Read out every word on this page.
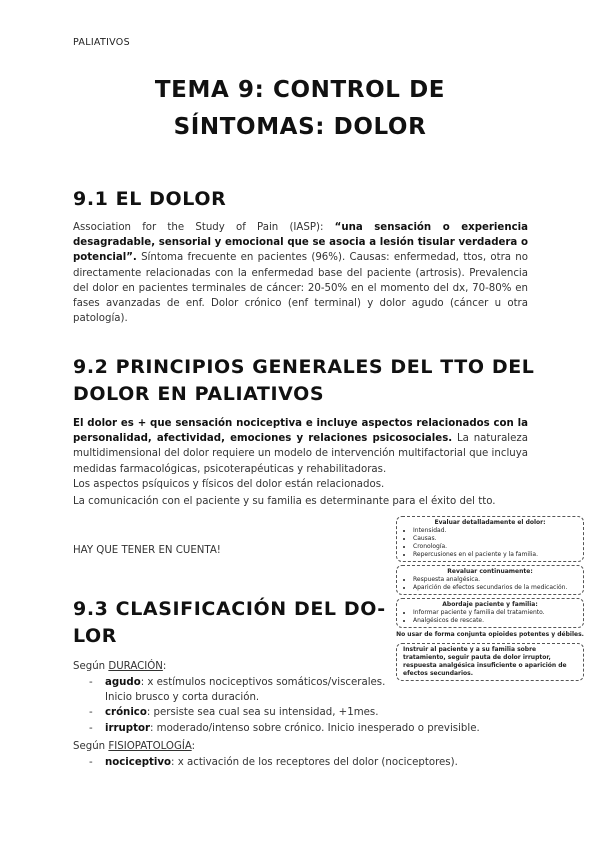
PALIATIVOS
TEMA 9: CONTROL DE
SÍNTOMAS: DOLOR
9.1 EL DOLOR

Association for the Study of Pain (IASP): “una sensación o experiencia desagradable, sensorial y emocional que se asocia a lesión tisular verdadera o potencial”. Síntoma frecuente en pacientes (96%). Causas: enfermedad, ttos, otra no directamente relacionadas con la enfermedad base del paciente (artrosis). Prevalencia del dolor en pacientes terminales de cáncer: 20-50% en el momento del dx, 70-80% en fases avanzadas de enf. Dolor crónico (enf terminal) y dolor agudo (cáncer u otra patología).

9.2 PRINCIPIOS GENERALES DEL TTO DEL
DOLOR EN PALIATIVOS

El dolor es + que sensación nociceptiva e incluye aspectos relacionados con la personalidad, afectividad, emociones y relaciones psicosociales. La naturaleza multidimensional del dolor requiere un modelo de intervención multifactorial que incluya medidas farmacológicas, psicoterapéuticas y rehabilitadoras.

Los aspectos psíquicos y físicos del dolor están relacionados.
La comunicación con el paciente y su familia es determinante para el éxito del tto.
HAY QUE TENER EN CUENTA!
Evaluar detalladamente el dolor:
• Intensidad.
• Causas.
• Cronología.
• Repercusiones en el paciente y la familia.
Revaluar continuamente:
• Respuesta analgésica.
• Aparición de efectos secundarios de la medicación.
Abordaje paciente y familia:
• Informar paciente y familia del tratamiento.
• Analgésicos de rescate.
No usar de forma conjunta opioides potentes y débiles.
Instruir al paciente y a su familia sobre tratamiento, seguir pauta de dolor irruptor, respuesta analgésica insuficiente o aparición de efectos secundarios.
9.3 CLASIFICACIÓN DEL DO-
LOR
Según DURACIÓN:
- agudo: x estímulos nociceptivos somáticos/viscerales. Inicio brusco y corta duración.
- crónico: persiste sea cual sea su intensidad, +1mes.
- irruptor: moderado/intenso sobre crónico. Inicio inesperado o previsible.
Según FISIOPATOLOGÍA:
- nociceptivo: x activación de los receptores del dolor (nociceptores).
